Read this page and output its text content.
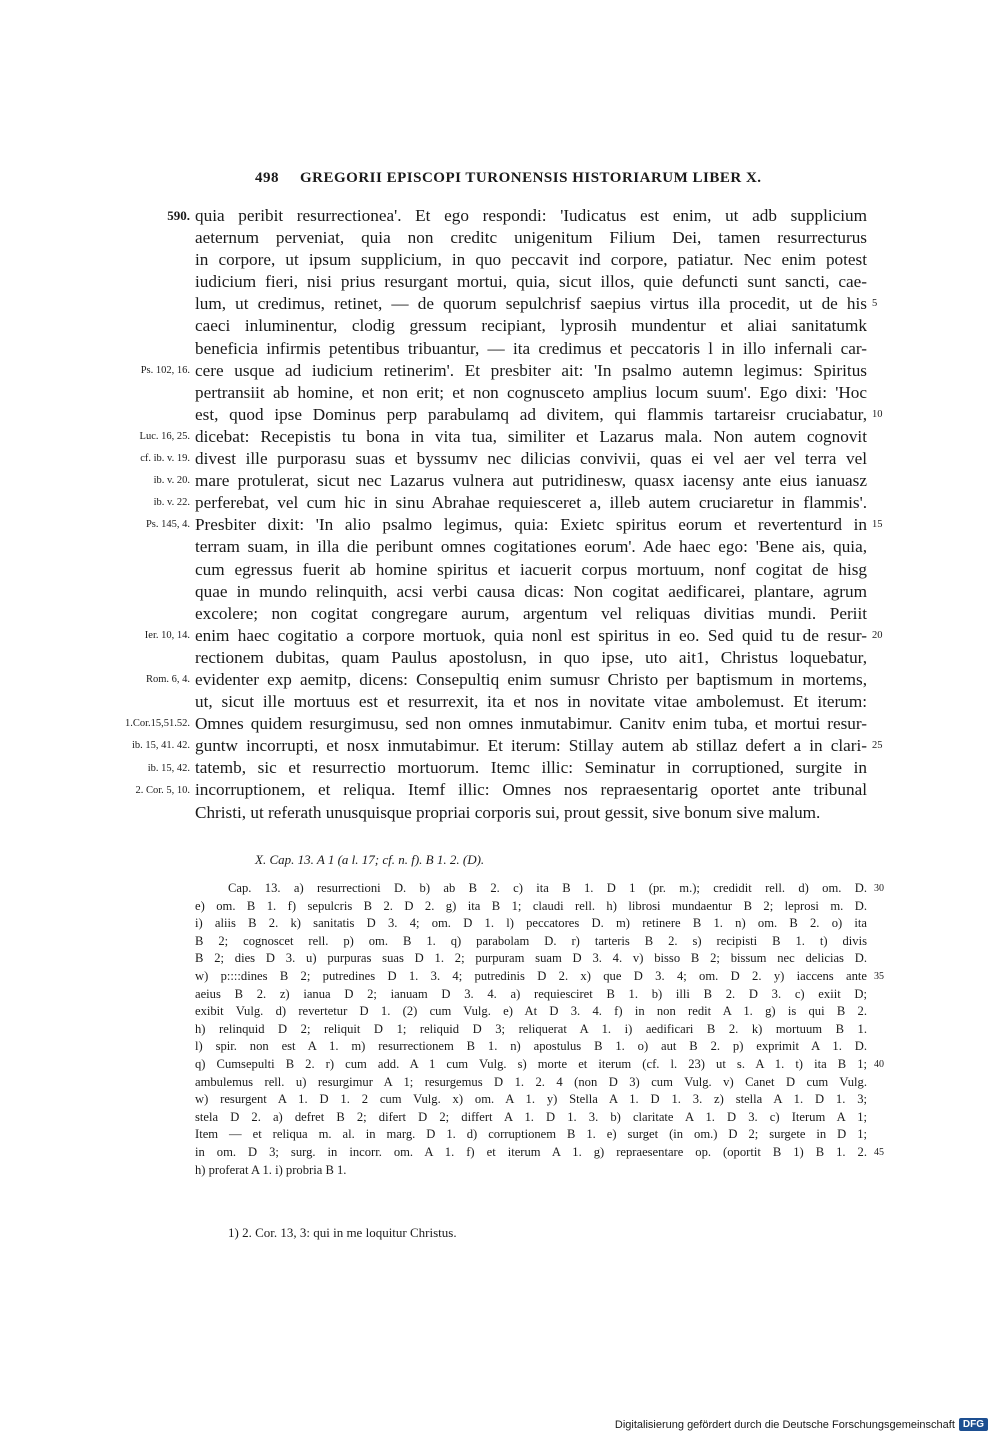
498 GREGORII EPISCOPI TURONENSIS HISTORIARUM LIBER X.
590.
Ps. 102, 16.
Luc. 16, 25.
cf. ib. v. 19.
ib. v. 20.
ib. v. 22.
Ps. 145, 4.
Ier. 10, 14.
Rom. 6, 4.
1.Cor.15,51.52.
ib. 15, 41. 42.
ib. 15, 42.
2. Cor. 5, 10.
quia peribit resurrectionea'. Et ego respondi: 'Iudicatus est enim, ut adb supplicium
aeternum perveniat, quia non creditc unigenitum Filium Dei, tamen resurrecturus
in corpore, ut ipsum supplicium, in quo peccavit ind corpore, patiatur. Nec enim potest
iudicium fieri, nisi prius resurgant mortui, quia, sicut illos, quie defuncti sunt sancti, cae-
lum, ut credimus, retinet, — de quorum sepulchrisf saepius virtus illa procedit, ut de his
caeci inluminentur, clodig gressum recipiant, lyprosih mundentur et aliai sanitatumk
beneficia infirmis petentibus tribuantur, — ita credimus et peccatoris l in illo infernali car-
cere usque ad iudicium retinerim'. Et presbiter ait: 'In psalmo autemn legimus: Spiritus
pertransiit ab homine, et non erit; et non cognusceto amplius locum suum'. Ego dixi: 'Hoc
est, quod ipse Dominus perp parabulamq ad divitem, qui flammis tartareisr cruciabatur,
dicebat: Recepistis tu bona in vita tua, similiter et Lazarus mala. Non autem cognovit
divest ille purporasu suas et byssumv nec dilicias convivii, quas ei vel aer vel terra vel
mare protulerat, sicut nec Lazarus vulnera aut putridinesw, quasx iacensy ante eius ianuasz
perferebat, vel cum hic in sinu Abrahae requiesceret a, illeb autem cruciaretur in flammis'.
Presbiter dixit: 'In alio psalmo legimus, quia: Exietc spiritus eorum et revertenturd in
terram suam, in illa die peribunt omnes cogitationes eorum'. Ade haec ego: 'Bene ais, quia,
cum egressus fuerit ab homine spiritus et iacuerit corpus mortuum, nonf cogitat de hisg
quae in mundo relinquith, acsi verbi causa dicas: Non cogitat aedificarei, plantare, agrum
excolere; non cogitat congregare aurum, argentum vel reliquas divitias mundi. Periit
enim haec cogitatio a corpore mortuok, quia nonl est spiritus in eo. Sed quid tu de resur-
rectionem dubitas, quam Paulus apostolusn, in quo ipse, uto ait1, Christus loquebatur,
evidenter exp aemitp, dicens: Consepultiq enim sumusr Christo per baptismum in mortems,
ut, sicut ille mortuus est et resurrexit, ita et nos in novitate vitae ambolemust. Et iterum:
Omnes quidem resurgimusu, sed non omnes inmutabimur. Canitv enim tuba, et mortui resur-
guntw incorrupti, et nosx inmutabimur. Et iterum: Stillay autem ab stillaz defert a in clari-
tatemb, sic et resurrectio mortuorum. Itemc illic: Seminatur in corruptioned, surgite in
incorruptionem, et reliqua. Itemf illic: Omnes nos repraesentarig oportet ante tribunal
Christi, ut referath unusquisque propriai corporis sui, prout gessit, sive bonum sive malum.
5
10
15
20
25
X. Cap. 13. A 1 (a l. 17; cf. n. f). B 1. 2. (D).
Cap. 13. a) resurrectioni D. b) ab B 2. c) ita B 1. D 1 (pr. m.); credidit rell. d) om. D.
e) om. B 1. f) sepulcris B 2. D 2. g) ita B 1; claudi rell. h) librosi mundaentur B 2; leprosi m. D.
i) aliis B 2. k) sanitatis D 3. 4; om. D 1. l) peccatores D. m) retinere B 1. n) om. B 2. o) ita
B 2; cognoscet rell. p) om. B 1. q) parabolam D. r) tarteris B 2. s) recipisti B 1. t) divis
B 2; dies D 3. u) purpuras suas D 1. 2; purpuram suam D 3. 4. v) bisso B 2; bissum nec delicias D.
w) p::::dines B 2; putredines D 1. 3. 4; putredinis D 2. x) que D 3. 4; om. D 2. y) iaccens ante
aeius B 2. z) ianua D 2; ianuam D 3. 4. a) requiesciret B 1. b) illi B 2. D 3. c) exiit D;
exibit Vulg. d) revertetur D 1. (2) cum Vulg. e) At D 3. 4. f) in non redit A 1. g) is qui B 2.
h) relinquid D 2; reliquit D 1; reliquid D 3; reliquerat A 1. i) aedificari B 2. k) mortuum B 1.
l) spir. non est A 1. m) resurrectionem B 1. n) apostulus B 1. o) aut B 2. p) exprimit A 1. D.
q) Cumsepulti B 2. r) cum add. A 1 cum Vulg. s) morte et iterum (cf. l. 23) ut s. A 1. t) ita B 1;
ambulemus rell. u) resurgimur A 1; resurgemus D 1. 2. 4 (non D 3) cum Vulg. v) Canet D cum Vulg.
w) resurgent A 1. D 1. 2 cum Vulg. x) om. A 1. y) Stella A 1. D 1. 3. z) stella A 1. D 1. 3;
stela D 2. a) defret B 2; difert D 2; differt A 1. D 1. 3. b) claritate A 1. D 3. c) Iterum A 1;
Item — et reliqua m. al. in marg. D 1. d) corruptionem B 1. e) surget (in om.) D 2; surgete in D 1;
in om. D 3; surg. in incorr. om. A 1. f) et iterum A 1. g) repraesentare op. (oportit B 1) B 1. 2.
h) proferat A 1. i) probria B 1.
30
35
40
45
1) 2. Cor. 13, 3: qui in me loquitur Christus.
Digitalisierung gefördert durch die Deutsche Forschungsgemeinschaft DFG
